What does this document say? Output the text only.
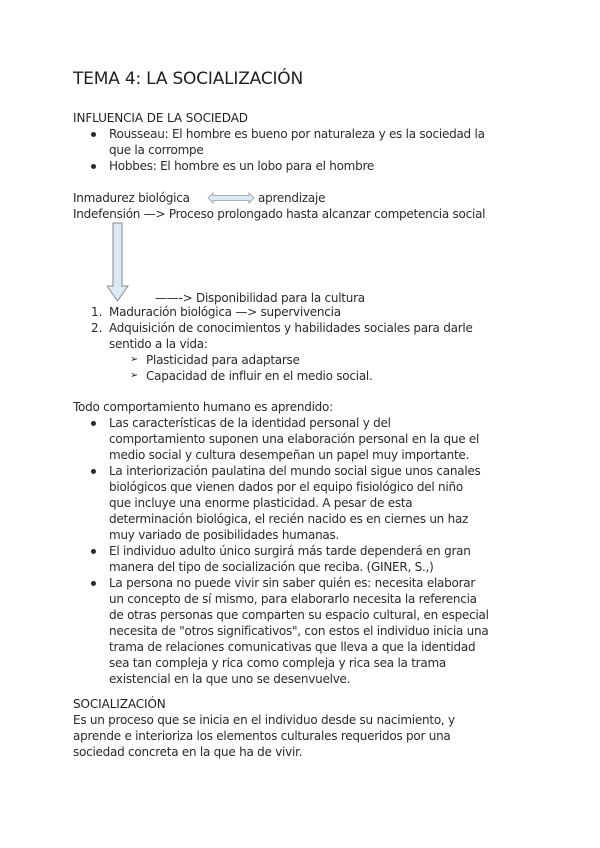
TEMA 4: LA SOCIALIZACIÓN
INFLUENCIA DE LA SOCIEDAD
Rousseau: El hombre es bueno por naturaleza y es la sociedad la
que la corrompe
Hobbes: El hombre es un lobo para el hombre
Inmadurez biológica	aprendizaje
Indefensión —> Proceso prolongado hasta alcanzar competencia social
——-> Disponibilidad para la cultura
1. Maduración biológica —> supervivencia
2. Adquisición de conocimientos y habilidades sociales para darle
sentido a la vida:
➢ Plasticidad para adaptarse
➢ Capacidad de influir en el medio social.
Todo comportamiento humano es aprendido:
Las características de la identidad personal y del
comportamiento suponen una elaboración personal en la que el
medio social y cultura desempeñan un papel muy importante.
La interiorización paulatina del mundo social sigue unos canales
biológicos que vienen dados por el equipo fisiológico del niño
que incluye una enorme plasticidad. A pesar de esta
determinación biológica, el recién nacido es en ciernes un haz
muy variado de posibilidades humanas.
El individuo adulto único surgirá más tarde dependerá en gran
manera del tipo de socialización que reciba. (GINER, S.,)
La persona no puede vivir sin saber quién es: necesita elaborar
un concepto de sí mismo, para elaborarlo necesita la referencia
de otras personas que comparten su espacio cultural, en especial
necesita de "otros significativos", con estos el individuo inicia una
trama de relaciones comunicativas que lleva a que la identidad
sea tan compleja y rica como compleja y rica sea la trama
existencial en la que uno se desenvuelve.
SOCIALIZACIÓN
Es un proceso que se inicia en el individuo desde su nacimiento, y
aprende e interioriza los elementos culturales requeridos por una
sociedad concreta en la que ha de vivir.
